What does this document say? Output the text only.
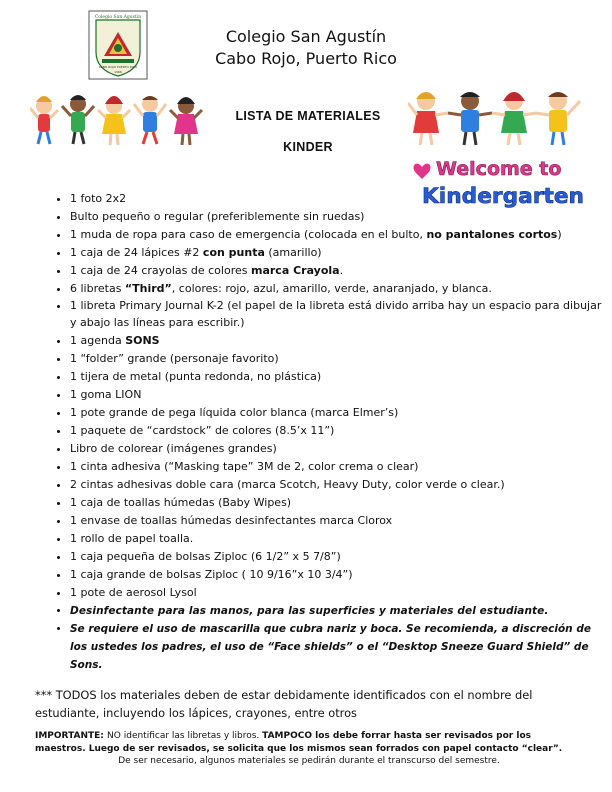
Colegio San Agustín
CABO ROJO PUERTO RICO
1966
Colegio San Agustín
Cabo Rojo, Puerto Rico
LISTA DE MATERIALES
KINDER
Welcome to
Kindergarten
• 1 foto 2x2
• Bulto pequeño o regular (preferiblemente sin ruedas)
• 1 muda de ropa para caso de emergencia (colocada en el bulto, no pantalones cortos)
• 1 caja de 24 lápices #2 con punta (amarillo)
• 1 caja de 24 crayolas de colores marca Crayola.
• 6 libretas “Third”, colores: rojo, azul, amarillo, verde, anaranjado, y blanca.
• 1 libreta Primary Journal K-2 (el papel de la libreta está divido arriba hay un espacio para dibujar y abajo las líneas para escribir.)
• 1 agenda SONS
• 1 “folder” grande (personaje favorito)
• 1 tijera de metal (punta redonda, no plástica)
• 1 goma LION
• 1 pote grande de pega líquida color blanca (marca Elmer’s)
• 1 paquete de “cardstock” de colores (8.5’x 11”)
• Libro de colorear (imágenes grandes)
• 1 cinta adhesiva (“Masking tape” 3M de 2, color crema o clear)
• 2 cintas adhesivas doble cara (marca Scotch, Heavy Duty, color verde o clear.)
• 1 caja de toallas húmedas (Baby Wipes)
• 1 envase de toallas húmedas desinfectantes marca Clorox
• 1 rollo de papel toalla.
• 1 caja pequeña de bolsas Ziploc (6 1/2” x 5 7/8”)
• 1 caja grande de bolsas Ziploc ( 10 9/16”x 10 3/4”)
• 1 pote de aerosol Lysol
• Desinfectante para las manos, para las superficies y materiales del estudiante.
• Se requiere el uso de mascarilla que cubra nariz y boca. Se recomienda, a discreción de los ustedes los padres, el uso de “Face shields” o el “Desktop Sneeze Guard Shield” de Sons.
*** TODOS los materiales deben de estar debidamente identificados con el nombre del estudiante, incluyendo los lápices, crayones, entre otros
IMPORTANTE: NO identificar las libretas y libros. TAMPOCO los debe forrar hasta ser revisados por los maestros. Luego de ser revisados, se solicita que los mismos sean forrados con papel contacto “clear”.
De ser necesario, algunos materiales se pedirán durante el transcurso del semestre.
